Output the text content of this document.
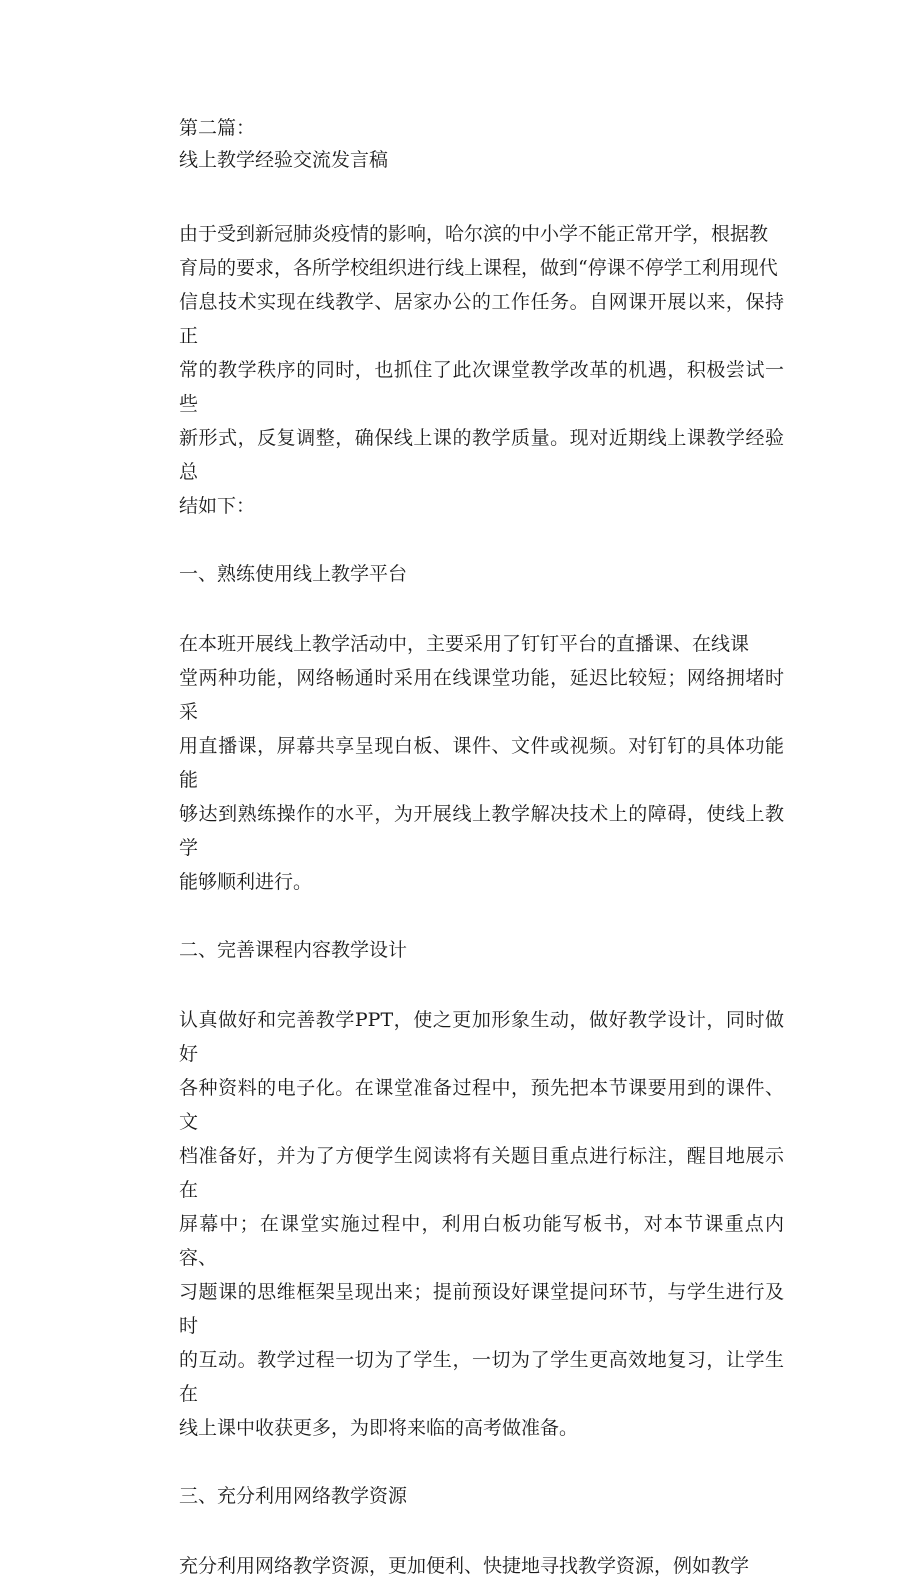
第二篇：

线上教学经验交流发言稿

由于受到新冠肺炎疫情的影响，哈尔滨的中小学不能正常开学，根据教

育局的要求，各所学校组织进行线上课程，做到“停课不停学工利用现代

信息技术实现在线教学、居家办公的工作任务。自网课开展以来，保持正

常的教学秩序的同时，也抓住了此次课堂教学改革的机遇，积极尝试一些

新形式，反复调整，确保线上课的教学质量。现对近期线上课教学经验总

结如下：

一、熟练使用线上教学平台

在本班开展线上教学活动中，主要采用了钉钉平台的直播课、在线课

堂两种功能，网络畅通时采用在线课堂功能，延迟比较短；网络拥堵时采

用直播课，屏幕共享呈现白板、课件、文件或视频。对钉钉的具体功能能

够达到熟练操作的水平，为开展线上教学解决技术上的障碍，使线上教学

能够顺利进行。

二、完善课程内容教学设计

认真做好和完善教学PPT，使之更加形象生动，做好教学设计，同时做好

各种资料的电子化。在课堂准备过程中，预先把本节课要用到的课件、文

档准备好，并为了方便学生阅读将有关题目重点进行标注，醒目地展示在

屏幕中；在课堂实施过程中，利用白板功能写板书，对本节课重点内容、

习题课的思维框架呈现出来；提前预设好课堂提问环节，与学生进行及时

的互动。教学过程一切为了学生，一切为了学生更高效地复习，让学生在

线上课中收获更多，为即将来临的高考做准备。

三、充分利用网络教学资源

充分利用网络教学资源，更加便利、快捷地寻找教学资源，例如教学
